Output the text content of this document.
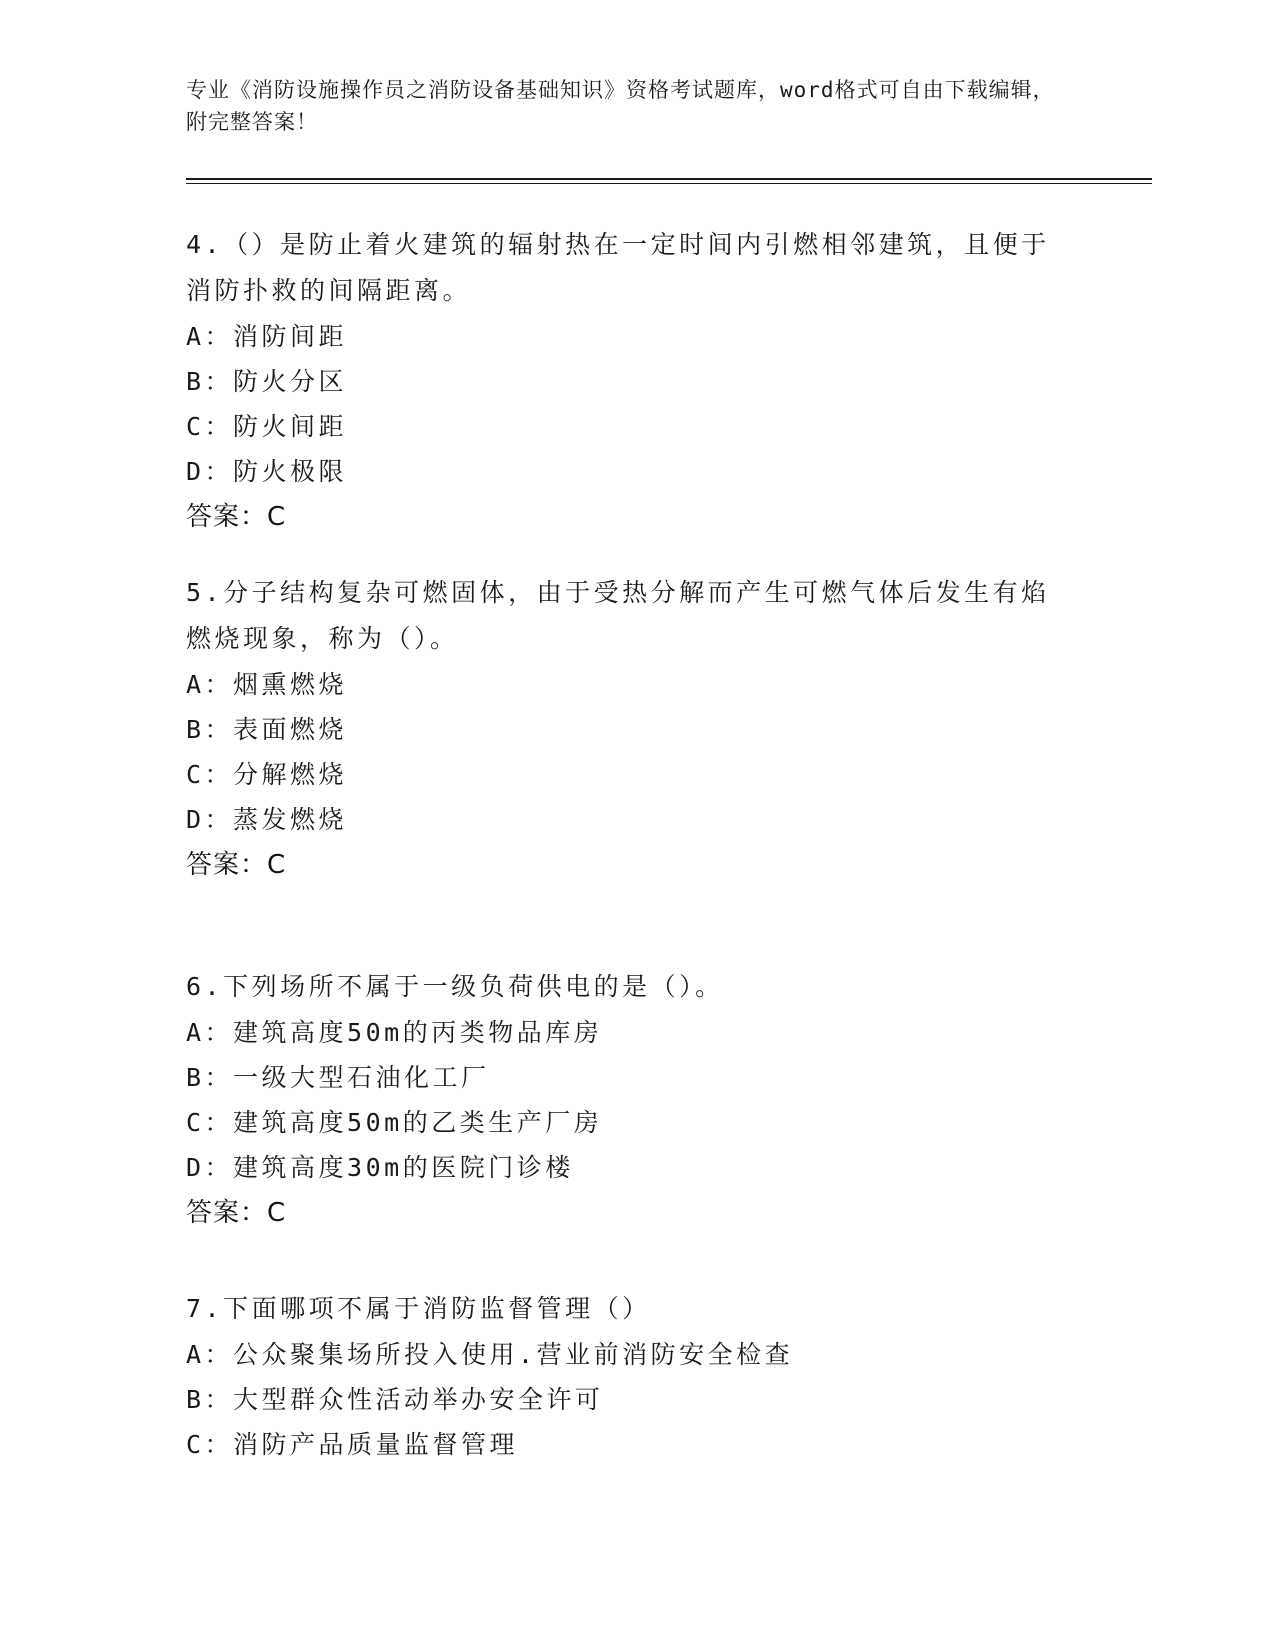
专业《消防设施操作员之消防设备基础知识》资格考试题库，word格式可自由下载编辑，附完整答案！

4.（）是防止着火建筑的辐射热在一定时间内引燃相邻建筑，且便于消防扑救的间隔距离。

A：消防间距

B：防火分区

C：防火间距

D：防火极限

答案：C

5.分子结构复杂可燃固体，由于受热分解而产生可燃气体后发生有焰燃烧现象，称为（）。

A：烟熏燃烧

B：表面燃烧

C：分解燃烧

D：蒸发燃烧

答案：C

6.下列场所不属于一级负荷供电的是（）。

A：建筑高度50m的丙类物品库房

B：一级大型石油化工厂

C：建筑高度50m的乙类生产厂房

D：建筑高度30m的医院门诊楼

答案：C

7.下面哪项不属于消防监督管理（）

A：公众聚集场所投入使用.营业前消防安全检查

B：大型群众性活动举办安全许可

C：消防产品质量监督管理
